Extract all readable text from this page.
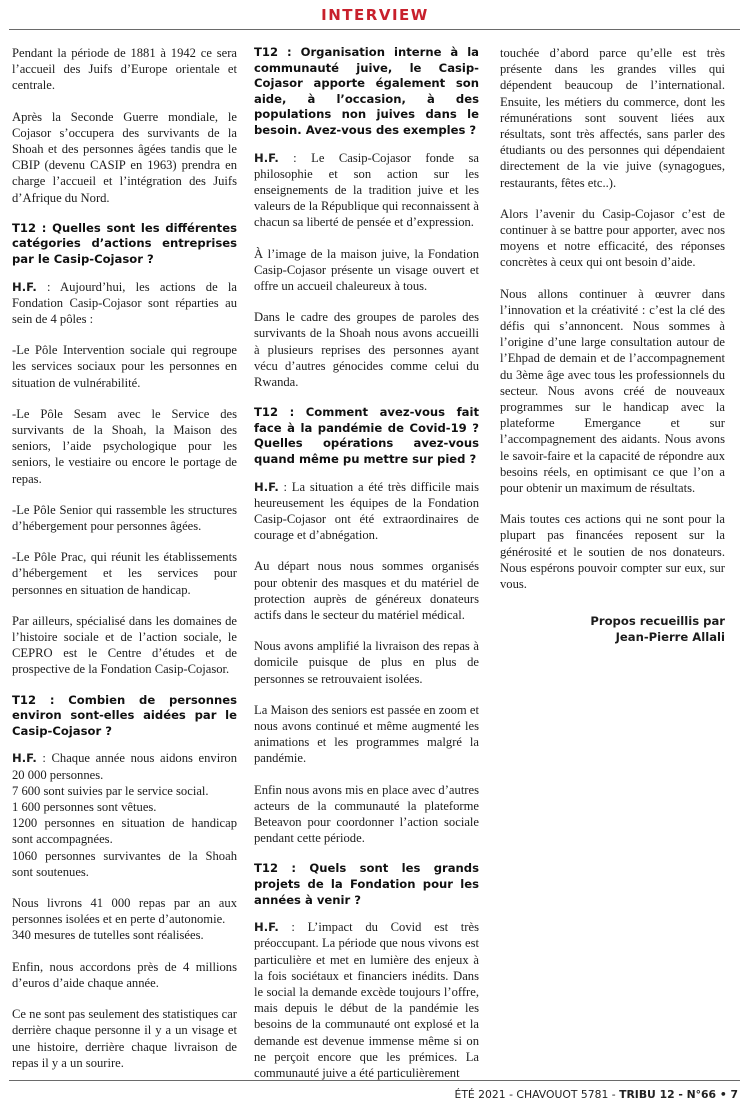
INTERVIEW

Pendant la période de 1881 à 1942 ce sera l’accueil des Juifs d’Europe orientale et centrale.

Après la Seconde Guerre mondiale, le Cojasor s’occupera des survivants de la Shoah et des personnes âgées tandis que le CBIP (devenu CASIP en 1963) prendra en charge l’accueil et l’intégration des Juifs d’Afrique du Nord.

T12 : Quelles sont les différentes catégories d’actions entreprises par le Casip-Cojasor ?

H.F. : Aujourd’hui, les actions de la Fondation Casip-Cojasor sont réparties au sein de 4 pôles :

-Le Pôle Intervention sociale qui regroupe les services sociaux pour les personnes en situation de vulnérabilité.

-Le Pôle Sesam avec le Service des survivants de la Shoah, la Maison des seniors, l’aide psychologique pour les seniors, le vestiaire ou encore le portage de repas.

-Le Pôle Senior qui rassemble les structures d’hébergement pour personnes âgées.

-Le Pôle Prac, qui réunit les établissements d’hébergement et les services pour personnes en situation de handicap.

Par ailleurs, spécialisé dans les domaines de l’histoire sociale et de l’action sociale, le CEPRO est le Centre d’études et de prospective de la Fondation Casip-Cojasor.

T12 : Combien de personnes environ sont-elles aidées par le Casip-Cojasor ?

H.F. : Chaque année nous aidons environ 20 000 personnes.
7 600 sont suivies par le service social.
1 600 personnes sont vêtues.
1200 personnes en situation de handicap sont accompagnées.
1060 personnes survivantes de la Shoah sont soutenues.

Nous livrons 41 000 repas par an aux personnes isolées et en perte d’autonomie.
340 mesures de tutelles sont réalisées.

Enfin, nous accordons près de 4 millions d’euros d’aide chaque année.

Ce ne sont pas seulement des statistiques car derrière chaque personne il y a un visage et une histoire, derrière chaque livraison de repas il y a un sourire.

T12 : Organisation interne à la communauté juive, le Casip-Cojasor apporte également son aide, à l’occasion, à des populations non juives dans le besoin. Avez-vous des exemples ?

H.F. : Le Casip-Cojasor fonde sa philosophie et son action sur les enseignements de la tradition juive et les valeurs de la République qui reconnaissent à chacun sa liberté de pensée et d’expression.

À l’image de la maison juive, la Fondation Casip-Cojasor présente un visage ouvert et offre un accueil chaleureux à tous.

Dans le cadre des groupes de paroles des survivants de la Shoah nous avons accueilli à plusieurs reprises des personnes ayant vécu d’autres génocides comme celui du Rwanda.

T12 : Comment avez-vous fait face à la pandémie de Covid-19 ? Quelles opérations avez-vous quand même pu mettre sur pied ?

H.F. : La situation a été très difficile mais heureusement les équipes de la Fondation Casip-Cojasor ont été extraordinaires de courage et d’abnégation.

Au départ nous nous sommes organisés pour obtenir des masques et du matériel de protection auprès de généreux donateurs actifs dans le secteur du matériel médical.

Nous avons amplifié la livraison des repas à domicile puisque de plus en plus de personnes se retrouvaient isolées.

La Maison des seniors est passée en zoom et nous avons continué et même augmenté les animations et les programmes malgré la pandémie.

Enfin nous avons mis en place avec d’autres acteurs de la communauté la plateforme Beteavon pour coordonner l’action sociale pendant cette période.

T12 : Quels sont les grands projets de la Fondation pour les années à venir ?

H.F. : L’impact du Covid est très préoccupant. La période que nous vivons est particulière et met en lumière des enjeux à la fois sociétaux et financiers inédits. Dans le social la demande excède toujours l’offre, mais depuis le début de la pandémie les besoins de la communauté ont explosé et la demande est devenue immense même si on ne perçoit encore que les prémices. La communauté juive a été particulièrement

touchée d’abord parce qu’elle est très présente dans les grandes villes qui dépendent beaucoup de l’international. Ensuite, les métiers du commerce, dont les rémunérations sont souvent liées aux résultats, sont très affectés, sans parler des étudiants ou des personnes qui dépendaient directement de la vie juive (synagogues, restaurants, fêtes etc..).

Alors l’avenir du Casip-Cojasor c’est de continuer à se battre pour apporter, avec nos moyens et notre efficacité, des réponses concrètes à ceux qui ont besoin d’aide.

Nous allons continuer à œuvrer dans l’innovation et la créativité : c’est la clé des défis qui s’annoncent. Nous sommes à l’origine d’une large consultation autour de l’Ehpad de demain et de l’accompagnement du 3ème âge avec tous les professionnels du secteur. Nous avons créé de nouveaux programmes sur le handicap avec la plateforme Emergance et sur l’accompagnement des aidants. Nous avons le savoir-faire et la capacité de répondre aux besoins réels, en optimisant ce que l’on a pour obtenir un maximum de résultats.

Mais toutes ces actions qui ne sont pour la plupart pas financées reposent sur la générosité et le soutien de nos donateurs. Nous espérons pouvoir compter sur eux, sur vous.

Propos recueillis par
Jean-Pierre Allali
ÉTÉ 2021 - CHAVOUOT 5781 - TRIBU 12 - N°66 • 7
